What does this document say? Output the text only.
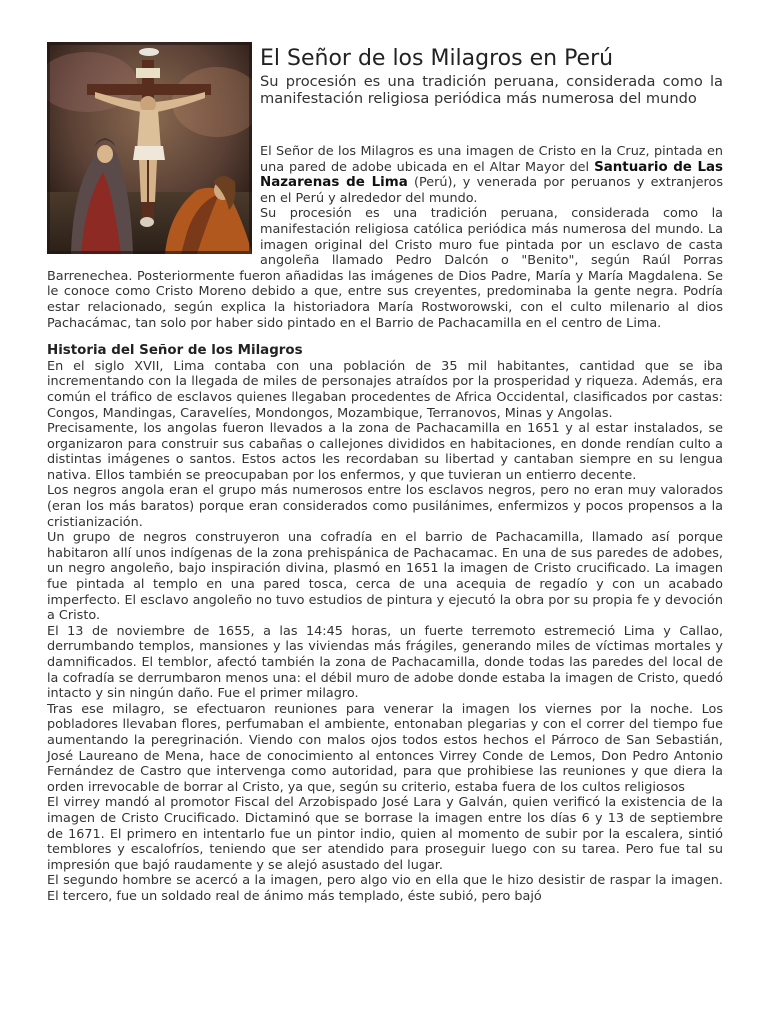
El Señor de los Milagros en Perú

Su procesión es una tradición peruana, considerada como la manifestación religiosa periódica más numerosa del mundo

El Señor de los Milagros es una imagen de Cristo en la Cruz, pintada en una pared de adobe ubicada en el Altar Mayor del Santuario de Las Nazarenas de Lima (Perú), y venerada por peruanos y extranjeros en el Perú y alrededor del mundo.

Su procesión es una tradición peruana, considerada como la manifestación religiosa católica periódica más numerosa del mundo. La imagen original del Cristo muro fue pintada por un esclavo de casta angoleña llamado Pedro Dalcón o "Benito", según Raúl Porras Barrenechea. Posteriormente fueron añadidas las imágenes de Dios Padre, María y María Magdalena. Se le conoce como Cristo Moreno debido a que, entre sus creyentes, predominaba la gente negra. Podría estar relacionado, según explica la historiadora María Rostworowski, con el culto milenario al dios Pachacámac, tan solo por haber sido pintado en el Barrio de Pachacamilla en el centro de Lima.

Historia del Señor de los Milagros

En el siglo XVII, Lima contaba con una población de 35 mil habitantes, cantidad que se iba incrementando con la llegada de miles de personajes atraídos por la prosperidad y riqueza. Además, era común el tráfico de esclavos quienes llegaban procedentes de Africa Occidental, clasificados por castas: Congos, Mandingas, Caravelíes, Mondongos, Mozambique, Terranovos, Minas y Angolas.

Precisamente, los angolas fueron llevados a la zona de Pachacamilla en 1651 y al estar instalados, se organizaron para construir sus cabañas o callejones divididos en habitaciones, en donde rendían culto a distintas imágenes o santos. Estos actos les recordaban su libertad y cantaban siempre en su lengua nativa. Ellos también se preocupaban por los enfermos, y que tuvieran un entierro decente.

Los negros angola eran el grupo más numerosos entre los esclavos negros, pero no eran muy valorados (eran los más baratos) porque eran considerados como pusilánimes, enfermizos y pocos propensos a la cristianización.

Un grupo de negros construyeron una cofradía en el barrio de Pachacamilla, llamado así porque habitaron allí unos indígenas de la zona prehispánica de Pachacamac. En una de sus paredes de adobes, un negro angoleño, bajo inspiración divina, plasmó en 1651 la imagen de Cristo crucificado. La imagen fue pintada al templo en una pared tosca, cerca de una acequia de regadío y con un acabado imperfecto. El esclavo angoleño no tuvo estudios de pintura y ejecutó la obra por su propia fe y devoción a Cristo.

El 13 de noviembre de 1655, a las 14:45 horas, un fuerte terremoto estremeció Lima y Callao, derrumbando templos, mansiones y las viviendas más frágiles, generando miles de víctimas mortales y damnificados. El temblor, afectó también la zona de Pachacamilla, donde todas las paredes del local de la cofradía se derrumbaron menos una: el débil muro de adobe donde estaba la imagen de Cristo, quedó intacto y sin ningún daño. Fue el primer milagro.

Tras ese milagro, se efectuaron reuniones para venerar la imagen los viernes por la noche. Los pobladores llevaban flores, perfumaban el ambiente, entonaban plegarias y con el correr del tiempo fue aumentando la peregrinación. Viendo con malos ojos todos estos hechos el Párroco de San Sebastián, José Laureano de Mena, hace de conocimiento al entonces Virrey Conde de Lemos, Don Pedro Antonio Fernández de Castro que intervenga como autoridad, para que prohibiese las reuniones y que diera la orden irrevocable de borrar al Cristo, ya que, según su criterio, estaba fuera de los cultos religiosos

El virrey mandó al promotor Fiscal del Arzobispado José Lara y Galván, quien verificó la existencia de la imagen de Cristo Crucificado. Dictaminó que se borrase la imagen entre los días 6 y 13 de septiembre de 1671. El primero en intentarlo fue un pintor indio, quien al momento de subir por la escalera, sintió temblores y escalofríos, teniendo que ser atendido para proseguir luego con su tarea. Pero fue tal su impresión que bajó raudamente y se alejó asustado del lugar.

El segundo hombre se acercó a la imagen, pero algo vio en ella que le hizo desistir de raspar la imagen. El tercero, fue un soldado real de ánimo más templado, éste subió, pero bajó
